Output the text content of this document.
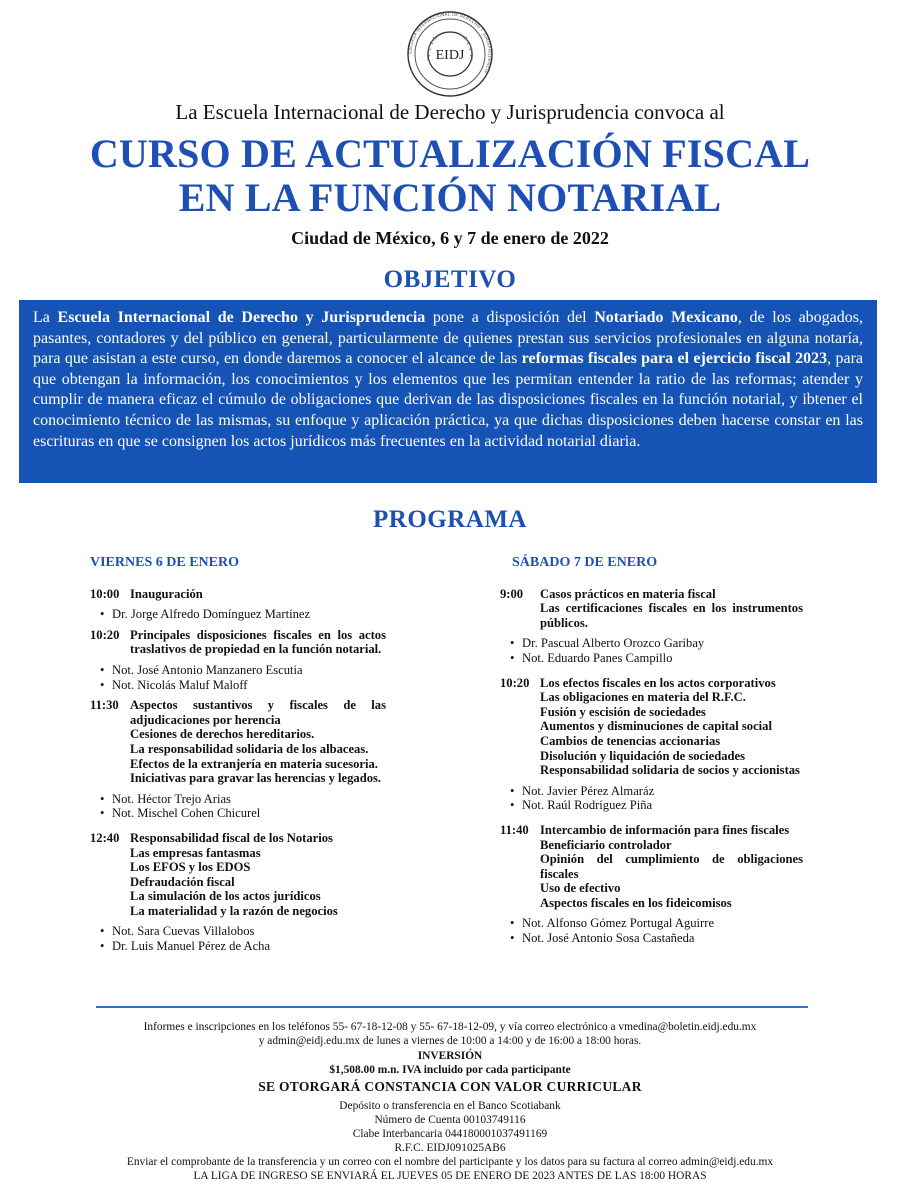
EIDJ
ESCUELA INTERNACIONAL DE DERECHO Y JURISPRUDENCIA
La Escuela Internacional de Derecho y Jurisprudencia convoca al
CURSO DE ACTUALIZACIÓN FISCAL
EN LA FUNCIÓN NOTARIAL
Ciudad de México, 6 y 7 de enero de 2022
OBJETIVO
La Escuela Internacional de Derecho y Jurisprudencia pone a disposición del Notariado Mexicano, de los abogados, pasantes, contadores y del público en general, particularmente de quienes prestan sus servicios profesionales en alguna notaría, para que asistan a este curso, en donde daremos a conocer el alcance de las reformas fiscales para el ejercicio fiscal 2023, para que obtengan la información, los conocimientos y los elementos que les permitan entender la ratio de las reformas; atender y cumplir de manera eficaz el cúmulo de obligaciones que derivan de las disposiciones fiscales en la función notarial, y ibtener el conocimiento técnico de las mismas, su enfoque y aplicación práctica, ya que dichas disposiciones deben hacerse constar en las escrituras en que se consignen los actos jurídicos más frecuentes en la actividad notarial diaria.
PROGRAMA
VIERNES 6 DE ENERO
10:00 Inauguración
• Dr. Jorge Alfredo Domínguez Martínez
10:20 Principales disposiciones fiscales en los actos traslativos de propiedad en la función notarial.
• Not. José Antonio Manzanero Escutia
• Not. Nicolás Maluf Maloff
11:30 Aspectos sustantivos y fiscales de las adjudicaciones por herencia
Cesiones de derechos hereditarios.
La responsabilidad solidaria de los albaceas.
Efectos de la extranjería en materia sucesoria.
Iniciativas para gravar las herencias y legados.
• Not. Héctor Trejo Arias
• Not. Mischel Cohen Chicurel
12:40 Responsabilidad fiscal de los Notarios
Las empresas fantasmas
Los EFOS y los EDOS
Defraudación fiscal
La simulación de los actos jurídicos
La materialidad y la razón de negocios
• Not. Sara Cuevas Villalobos
• Dr. Luis Manuel Pérez de Acha
SÁBADO 7 DE ENERO
9:00	Casos prácticos en materia fiscal
Las certificaciones fiscales en los instrumentos públicos.
• Dr. Pascual Alberto Orozco Garibay
• Not. Eduardo Panes Campillo
10:20 Los efectos fiscales en los actos corporativos
Las obligaciones en materia del R.F.C.
Fusión y escisión de sociedades
Aumentos y disminuciones de capital social
Cambios de tenencias accionarias
Disolución y liquidación de sociedades
Responsabilidad solidaria de socios y accionistas
• Not. Javier Pérez Almaráz
• Not. Raúl Rodríguez Piña
11:40 Intercambio de información para fines fiscales
Beneficiario controlador
Opinión del cumplimiento de obligaciones fiscales
Uso de efectivo
Aspectos fiscales en los fideicomisos
• Not. Alfonso Gómez Portugal Aguirre
• Not. José Antonio Sosa Castañeda
Informes e inscripciones en los teléfonos 55- 67-18-12-08 y 55- 67-18-12-09, y vía correo electrónico a vmedina@boletin.eidj.edu.mx
y admin@eidj.edu.mx de lunes a viernes de 10:00 a 14:00 y de 16:00 a 18:00 horas.
INVERSIÓN
$1,508.00 m.n. IVA incluido por cada participante
SE OTORGARÁ CONSTANCIA CON VALOR CURRICULAR
Depósito o transferencia en el Banco Scotiabank
Número de Cuenta 00103749116
Clabe Interbancaria 044180001037491169
R.F.C. EIDJ091025AB6
Enviar el comprobante de la transferencia y un correo con el nombre del participante y los datos para su factura al correo admin@eidj.edu.mx
LA LIGA DE INGRESO SE ENVIARÁ EL JUEVES 05 DE ENERO DE 2023 ANTES DE LAS 18:00 HORAS
